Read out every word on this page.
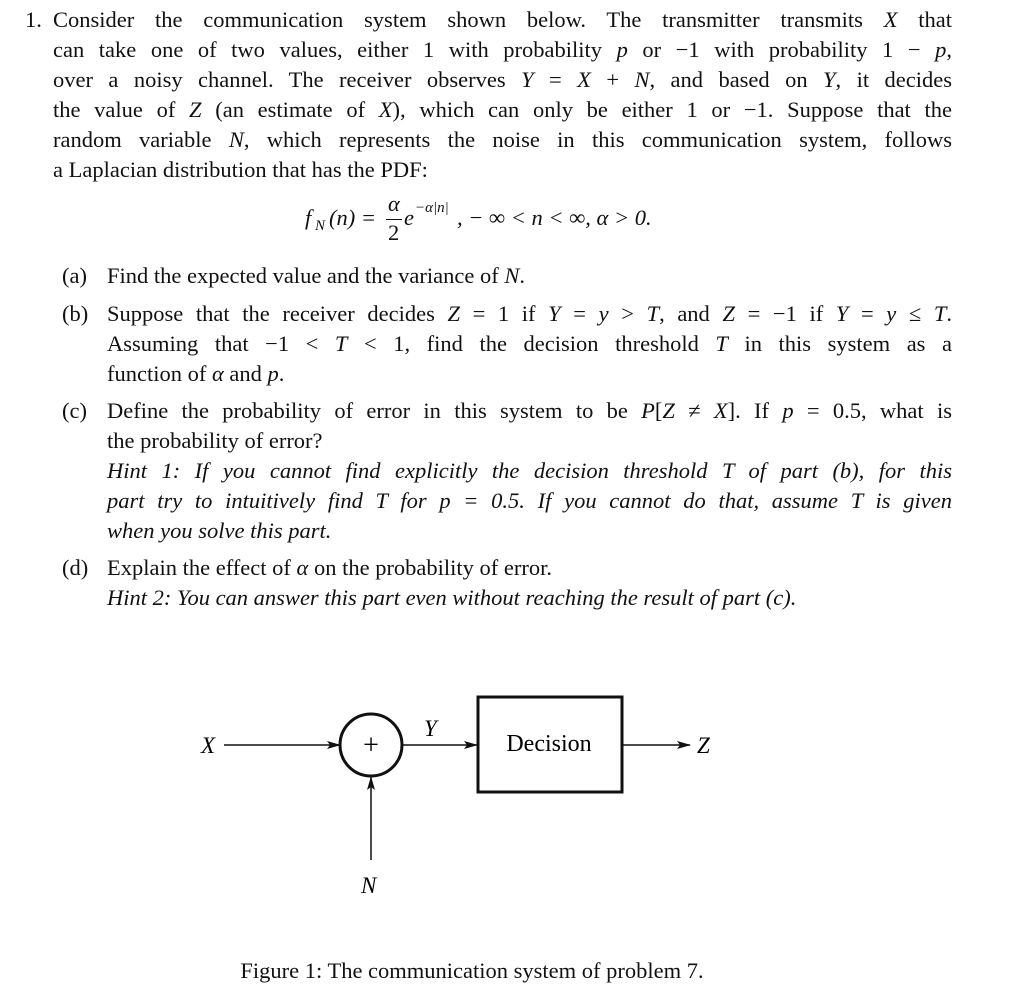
1.
f N (n) =
α
2
e −α|n| , − ∞ < n < ∞, α > 0.
X	+
Y
Decision	Z
N
Figure 1: The communication system of problem 7.
Consider the communication system shown below. The transmitter transmits X that
can take one of two values, either 1 with probability p or −1 with probability 1 − p,
over a noisy channel. The receiver observes Y = X + N, and based on Y, it decides
the value of Z (an estimate of X), which can only be either 1 or −1. Suppose that the
random variable N, which represents the noise in this communication system, follows
a Laplacian distribution that has the PDF:
(a) Find the expected value and the variance of N.
(b) Suppose that the receiver decides Z = 1 if Y = y > T, and Z = −1 if Y = y ≤ T.
Assuming that −1 < T < 1, find the decision threshold T in this system as a
function of α and p.
(c) Define the probability of error in this system to be P[Z ≠ X]. If p = 0.5, what is
the probability of error?
Hint 1: If you cannot find explicitly the decision threshold T of part (b), for this
part try to intuitively find T for p = 0.5. If you cannot do that, assume T is given
when you solve this part.
(d) Explain the effect of α on the probability of error.
Hint 2: You can answer this part even without reaching the result of part (c).
